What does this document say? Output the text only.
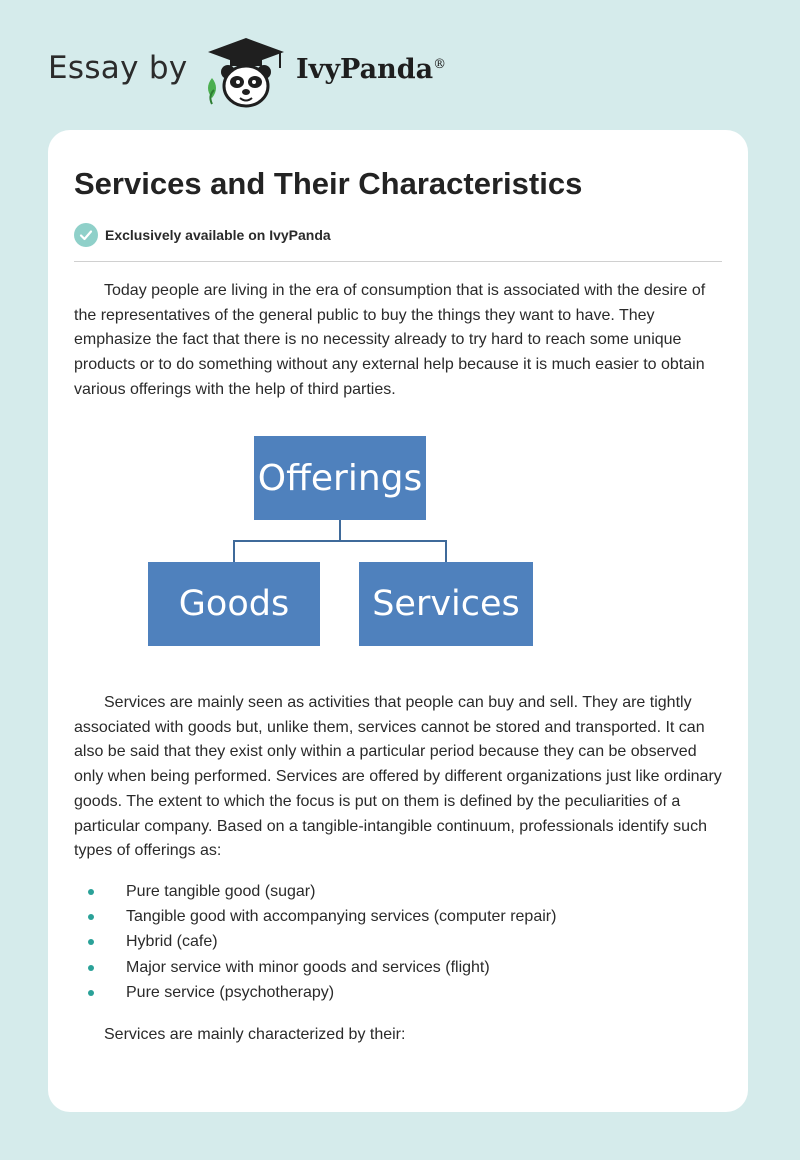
Essay by	IvyPanda®
Services and Their Characteristics
Exclusively available on IvyPanda

Today people are living in the era of consumption that is associated with the desire of the representatives of the general public to buy the things they want to have. They emphasize the fact that there is no necessity already to try hard to reach some unique products or to do something without any external help because it is much easier to obtain various offerings with the help of third parties.

Offerings
Goods	Services

Services are mainly seen as activities that people can buy and sell. They are tightly associated with goods but, unlike them, services cannot be stored and transported. It can also be said that they exist only within a particular period because they can be observed only when being performed. Services are offered by different organizations just like ordinary goods. The extent to which the focus is put on them is defined by the peculiarities of a particular company. Based on a tangible-intangible continuum, professionals identify such types of offerings as:

Pure tangible good (sugar)
Tangible good with accompanying services (computer repair)
Hybrid (cafe)
Major service with minor goods and services (flight)
Pure service (psychotherapy)

Services are mainly characterized by their:
